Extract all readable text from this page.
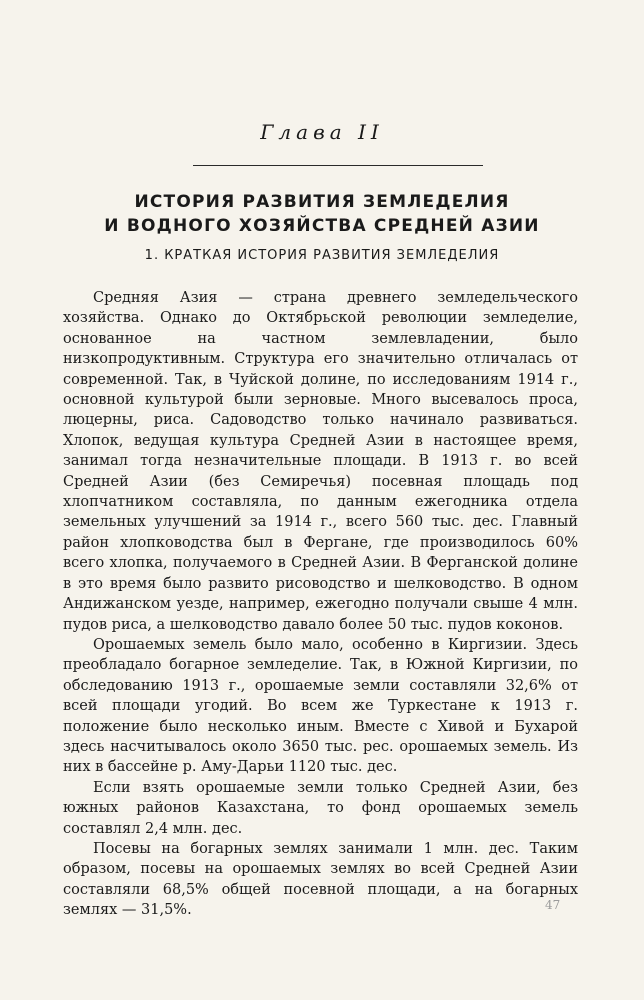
Глава II
ИСТОРИЯ РАЗВИТИЯ ЗЕМЛЕДЕЛИЯ
И ВОДНОГО ХОЗЯЙСТВА СРЕДНЕЙ АЗИИ
1. КРАТКАЯ ИСТОРИЯ РАЗВИТИЯ ЗЕМЛЕДЕЛИЯ

Средняя Азия — страна древнего земледельческого хозяйства. Однако до Октябрьской революции земледелие, основанное на частном землевладении, было низкопродуктивным. Структура его значительно отличалась от современной. Так, в Чуйской долине, по исследованиям 1914 г., основной культурой были зерновые. Много высевалось проса, люцерны, риса. Садоводство только начинало развиваться. Хлопок, ведущая культура Средней Азии в настоящее время, занимал тогда незначительные площади. В 1913 г. во всей Средней Азии (без Семиречья) посевная площадь под хлопчатником составляла, по данным ежегодника отдела земельных улучшений за 1914 г., всего 560 тыс. дес. Главный район хлопководства был в Фергане, где производилось 60% всего хлопка, получаемого в Средней Азии. В Ферганской долине в это время было развито рисоводство и шелководство. В одном Андижанском уезде, например, ежегодно получали свыше 4 млн. пудов риса, а шелководство давало более 50 тыс. пудов коконов.

Орошаемых земель было мало, особенно в Киргизии. Здесь преобладало богарное земледелие. Так, в Южной Киргизии, по обследованию 1913 г., орошаемые земли составляли 32,6% от всей площади угодий. Во всем же Туркестане к 1913 г. положение было несколько иным. Вместе с Хивой и Бухарой здесь насчитывалось около 3650 тыс. рес. орошаемых земель. Из них в бассейне р. Аму-Дарьи 1120 тыс. дес.

Если взять орошаемые земли только Средней Азии, без южных районов Казахстана, то фонд орошаемых земель составлял 2,4 млн. дес.

Посевы на богарных землях занимали 1 млн. дес. Таким образом, посевы на орошаемых землях во всей Средней Азии составляли 68,5% общей посевной площади, а на богарных землях — 31,5%.	47
